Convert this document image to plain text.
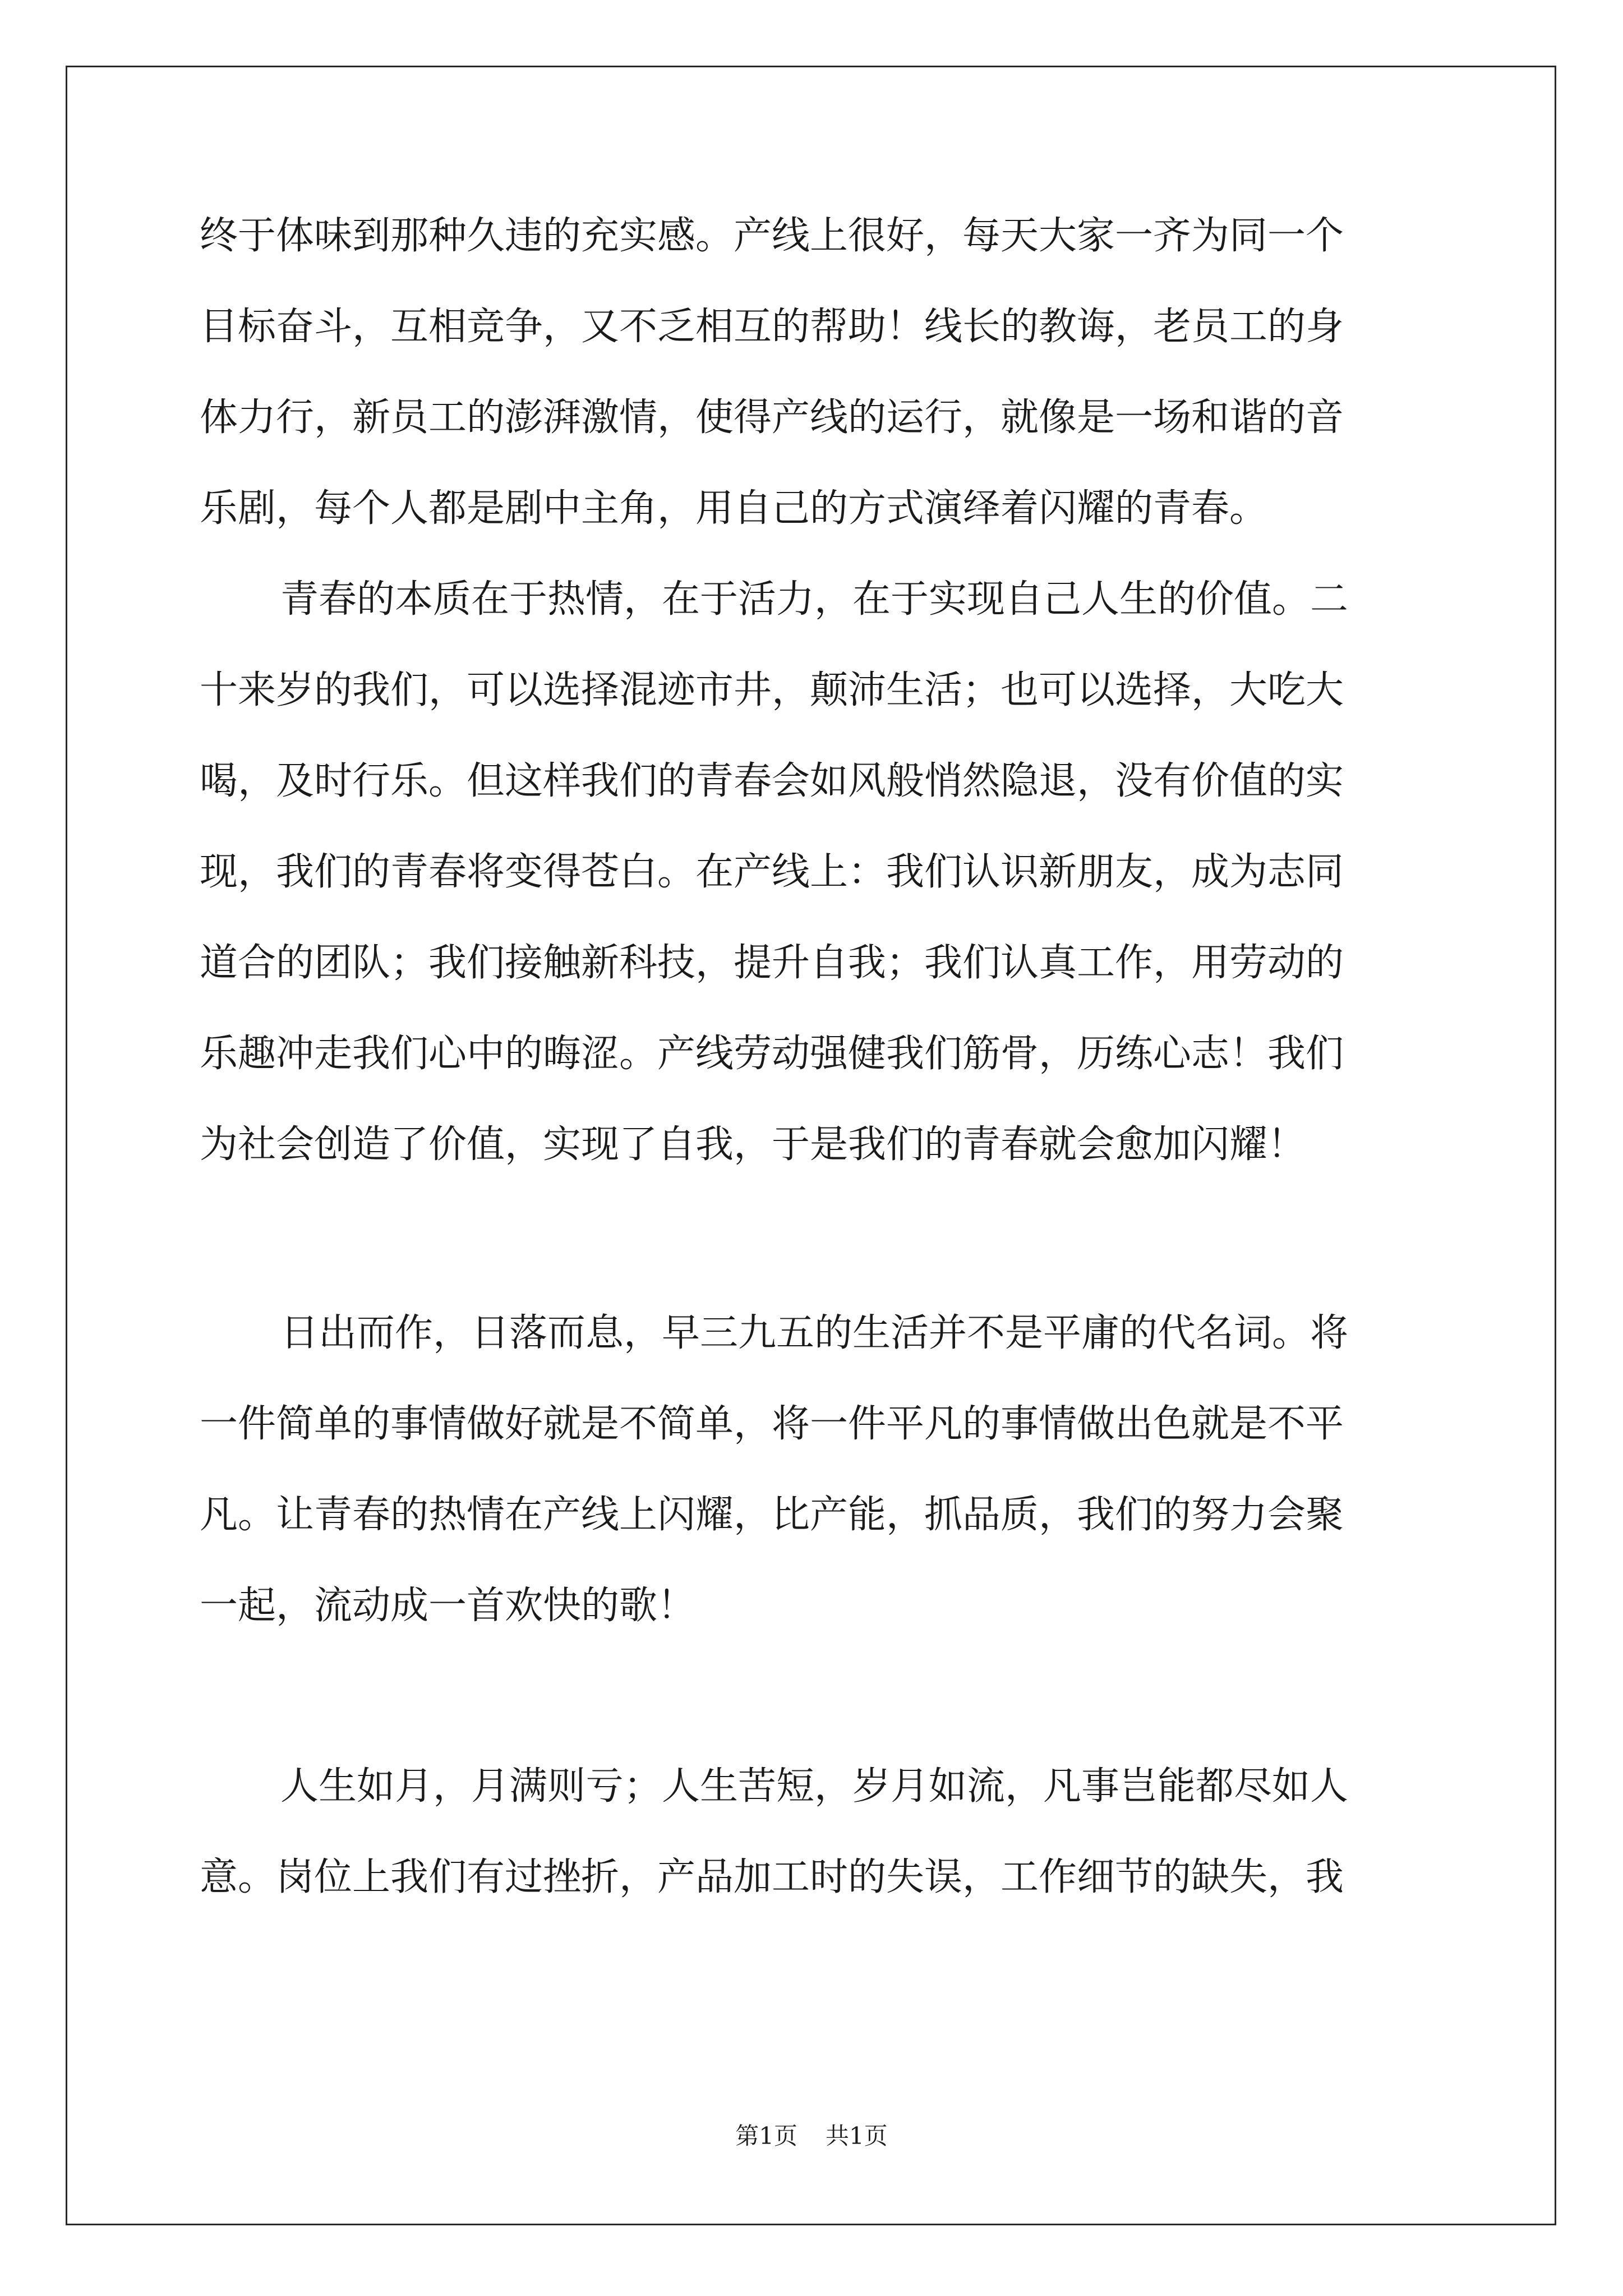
终于体味到那种久违的充实感。产线上很好，每天大家一齐为同一个
目标奋斗，互相竞争，又不乏相互的帮助！线长的教诲，老员工的身
体力行，新员工的澎湃激情，使得产线的运行，就像是一场和谐的音
乐剧，每个人都是剧中主角，用自己的方式演绎着闪耀的青春。
青春的本质在于热情，在于活力，在于实现自己人生的价值。二
十来岁的我们，可以选择混迹市井，颠沛生活；也可以选择，大吃大
喝，及时行乐。但这样我们的青春会如风般悄然隐退，没有价值的实
现，我们的青春将变得苍白。在产线上：我们认识新朋友，成为志同
道合的团队；我们接触新科技，提升自我；我们认真工作，用劳动的
乐趣冲走我们心中的晦涩。产线劳动强健我们筋骨，历练心志！我们
为社会创造了价值，实现了自我，于是我们的青春就会愈加闪耀！
日出而作，日落而息，早三九五的生活并不是平庸的代名词。将
一件简单的事情做好就是不简单，将一件平凡的事情做出色就是不平
凡。让青春的热情在产线上闪耀，比产能，抓品质，我们的努力会聚
一起，流动成一首欢快的歌！
人生如月，月满则亏；人生苦短，岁月如流，凡事岂能都尽如人
意。岗位上我们有过挫折，产品加工时的失误，工作细节的缺失，我
第1页 共1页
